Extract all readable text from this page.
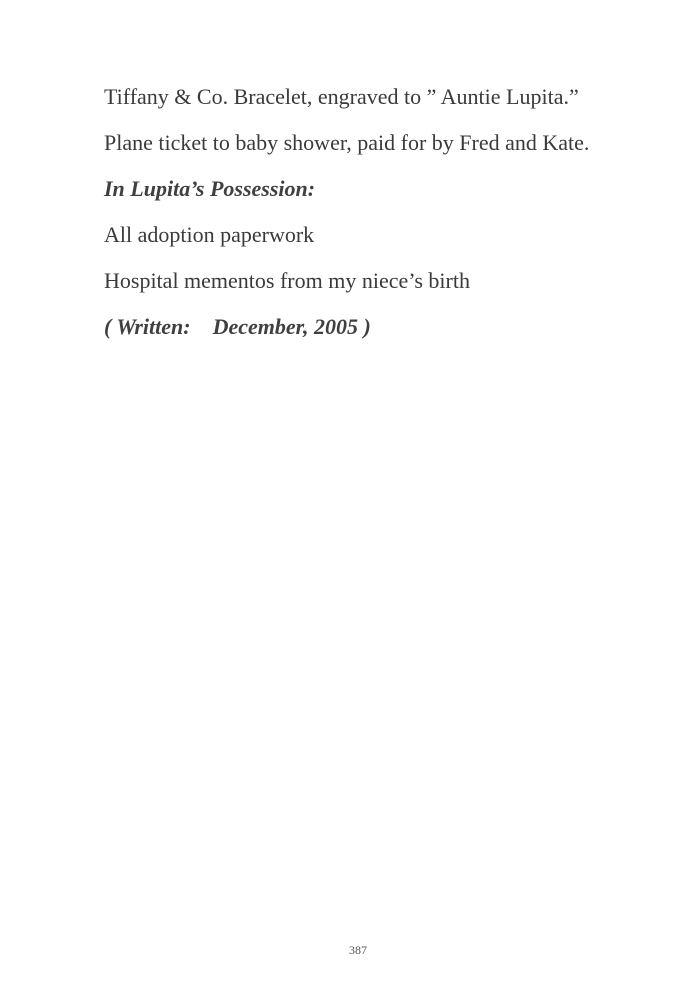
Tiffany & Co. Bracelet, engraved to ” Auntie Lupita.”

Plane ticket to baby shower, paid for by Fred and Kate.

In Lupita’s Possession:

All adoption paperwork

Hospital mementos from my niece’s birth

( Written:    December, 2005 )

387
